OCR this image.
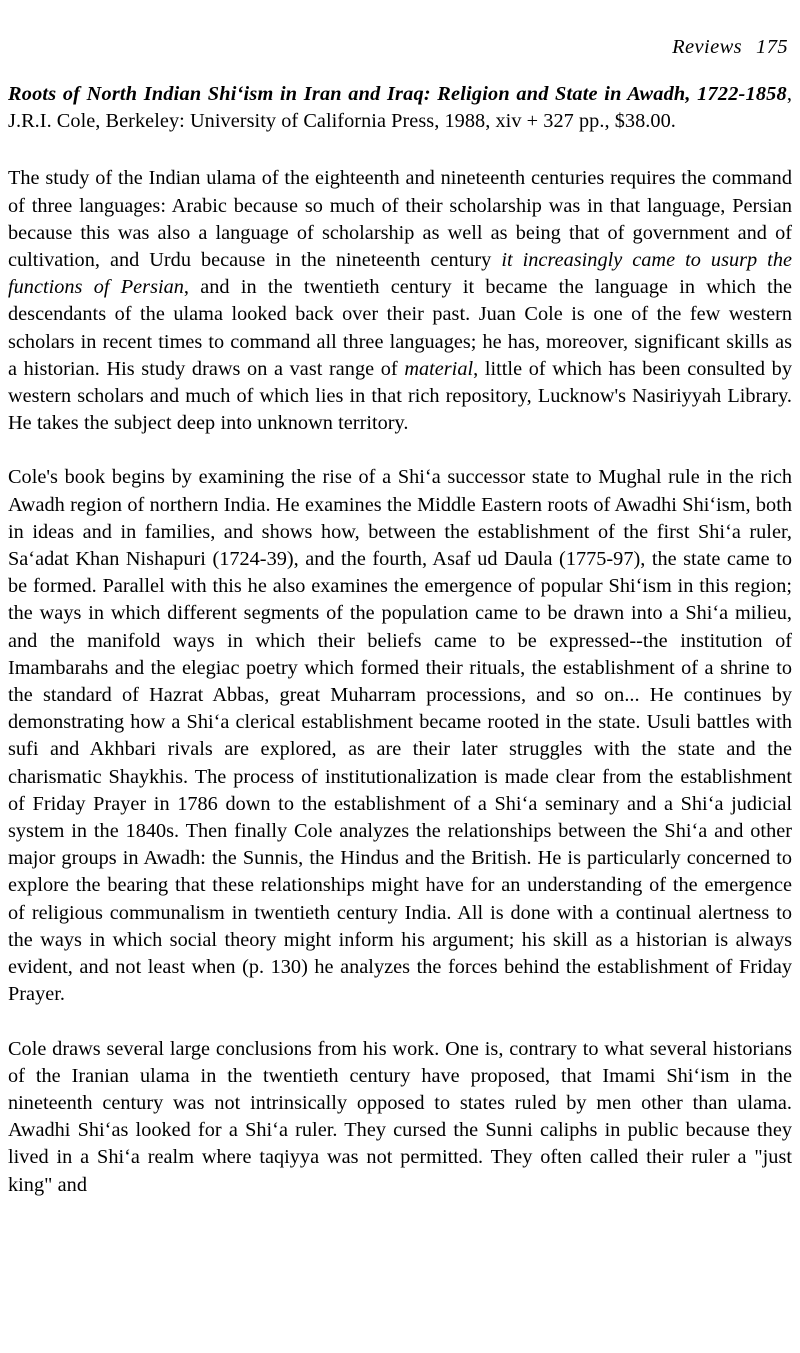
Reviews 175

Roots of North Indian Shi‘ism in Iran and Iraq: Religion and State in Awadh, 1722-1858, J.R.I. Cole, Berkeley: University of California Press, 1988, xiv + 327 pp., $38.00.

The study of the Indian ulama of the eighteenth and nineteenth centuries requires the command of three languages: Arabic because so much of their scholarship was in that language, Persian because this was also a language of scholarship as well as being that of government and of cultivation, and Urdu because in the nineteenth century it increasingly came to usurp the functions of Persian, and in the twentieth century it became the language in which the descendants of the ulama looked back over their past. Juan Cole is one of the few western scholars in recent times to command all three languages; he has, moreover, significant skills as a historian. His study draws on a vast range of material, little of which has been consulted by western scholars and much of which lies in that rich repository, Lucknow's Nasiriyyah Library. He takes the subject deep into unknown territory.

Cole's book begins by examining the rise of a Shi‘a successor state to Mughal rule in the rich Awadh region of northern India. He examines the Middle Eastern roots of Awadhi Shi‘ism, both in ideas and in families, and shows how, between the establishment of the first Shi‘a ruler, Sa‘adat Khan Nishapuri (1724-39), and the fourth, Asaf ud Daula (1775-97), the state came to be formed. Parallel with this he also examines the emergence of popular Shi‘ism in this region; the ways in which different segments of the population came to be drawn into a Shi‘a milieu, and the manifold ways in which their beliefs came to be expressed--the institution of Imambarahs and the elegiac poetry which formed their rituals, the establishment of a shrine to the standard of Hazrat Abbas, great Muharram processions, and so on... He continues by demonstrating how a Shi‘a clerical establishment became rooted in the state. Usuli battles with sufi and Akhbari rivals are explored, as are their later struggles with the state and the charismatic Shaykhis. The process of institutionalization is made clear from the establishment of Friday Prayer in 1786 down to the establishment of a Shi‘a seminary and a Shi‘a judicial system in the 1840s. Then finally Cole analyzes the relationships between the Shi‘a and other major groups in Awadh: the Sunnis, the Hindus and the British. He is particularly concerned to explore the bearing that these relationships might have for an understanding of the emergence of religious communalism in twentieth century India. All is done with a continual alertness to the ways in which social theory might inform his argument; his skill as a historian is always evident, and not least when (p. 130) he analyzes the forces behind the establishment of Friday Prayer.

Cole draws several large conclusions from his work. One is, contrary to what several historians of the Iranian ulama in the twentieth century have proposed, that Imami Shi‘ism in the nineteenth century was not intrinsically opposed to states ruled by men other than ulama. Awadhi Shi‘as looked for a Shi‘a ruler. They cursed the Sunni caliphs in public because they lived in a Shi‘a realm where taqiyya was not permitted. They often called their ruler a "just king" and
